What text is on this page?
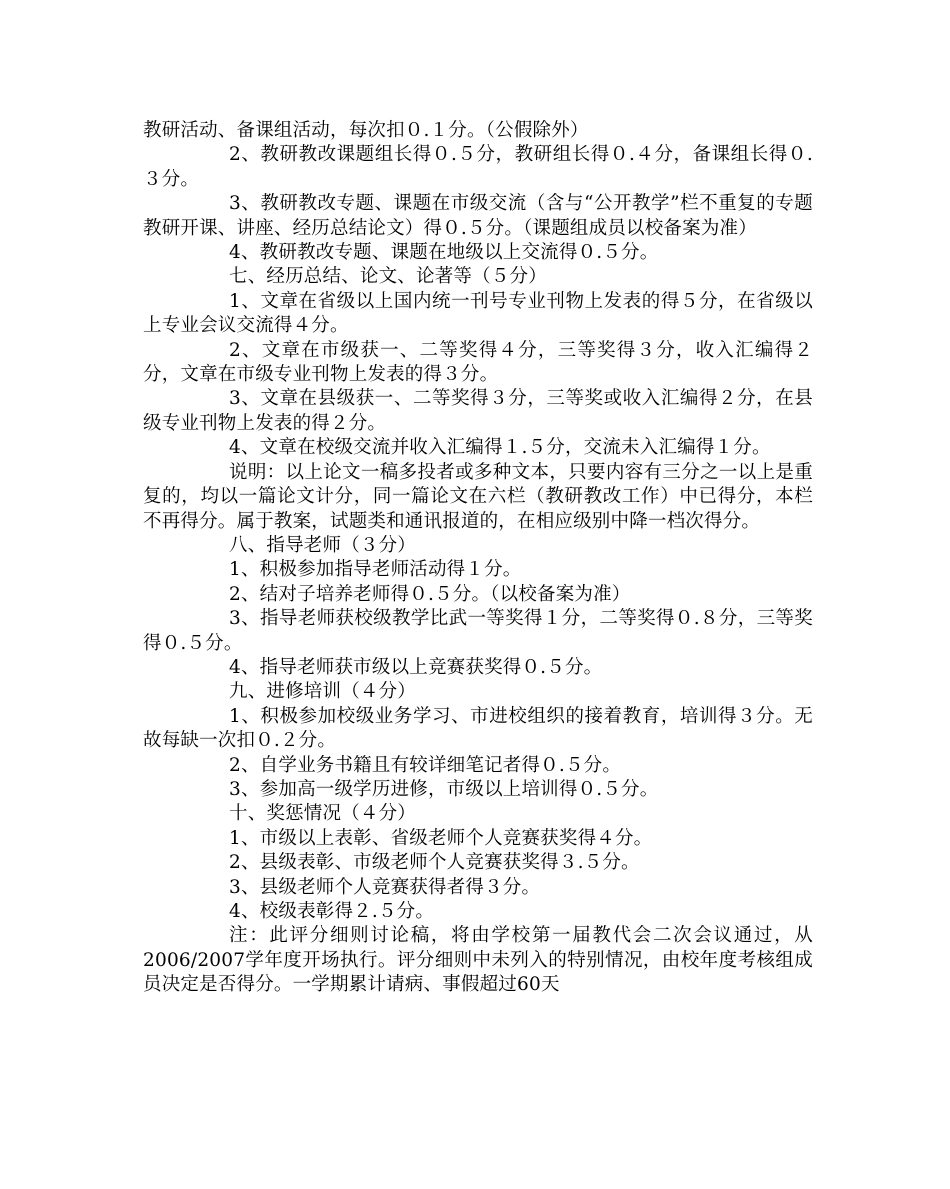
教研活动、备课组活动，每次扣０.１分。（公假除外）

2、教研教改课题组长得０.５分，教研组长得０.４分，备课组长得０.３分。

3、教研教改专题、课题在市级交流（含与“公开教学”栏不重复的专题教研开课、讲座、经历总结论文）得０.５分。（课题组成员以校备案为准）

4、教研教改专题、课题在地级以上交流得０.５分。

七、经历总结、论文、论著等（５分）

1、文章在省级以上国内统一刊号专业刊物上发表的得５分，在省级以上专业会议交流得４分。

2、文章在市级获一、二等奖得４分，三等奖得３分，收入汇编得２分，文章在市级专业刊物上发表的得３分。

3、文章在县级获一、二等奖得３分，三等奖或收入汇编得２分，在县级专业刊物上发表的得２分。

4、文章在校级交流并收入汇编得１.５分，交流未入汇编得１分。

说明：以上论文一稿多投者或多种文本，只要内容有三分之一以上是重复的，均以一篇论文计分，同一篇论文在六栏（教研教改工作）中已得分，本栏不再得分。属于教案，试题类和通讯报道的，在相应级别中降一档次得分。

八、指导老师（３分）

1、积极参加指导老师活动得１分。

2、结对子培养老师得０.５分。（以校备案为准）

3、指导老师获校级教学比武一等奖得１分，二等奖得０.８分，三等奖得０.５分。

4、指导老师获市级以上竞赛获奖得０.５分。

九、进修培训（４分）

1、积极参加校级业务学习、市进校组织的接着教育，培训得３分。无故每缺一次扣０.２分。

2、自学业务书籍且有较详细笔记者得０.５分。

3、参加高一级学历进修，市级以上培训得０.５分。

十、奖惩情况（４分）

1、市级以上表彰、省级老师个人竞赛获奖得４分。

2、县级表彰、市级老师个人竞赛获奖得３.５分。

3、县级老师个人竞赛获得者得３分。

4、校级表彰得２.５分。

注：此评分细则讨论稿，将由学校第一届教代会二次会议通过，从2006/2007学年度开场执行。评分细则中未列入的特别情况，由校年度考核组成员决定是否得分。一学期累计请病、事假超过60天
